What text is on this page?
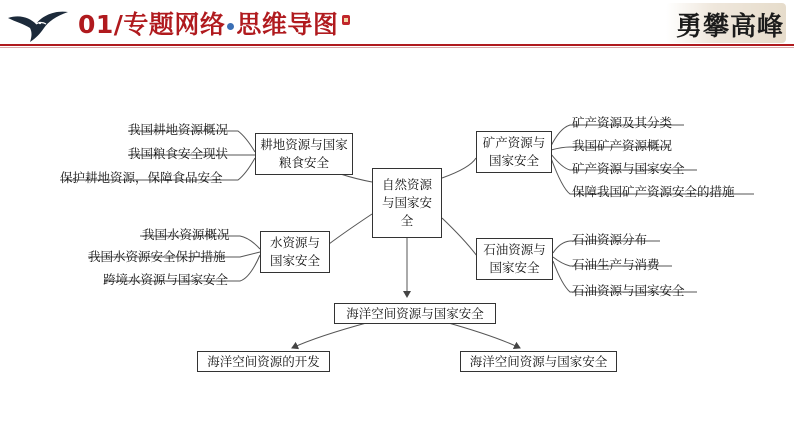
01/专题网络 思维导图	勇攀高峰
自然资源与国家安全
耕地资源与国家粮食安全
我国耕地资源概况
我国粮食安全现状
保护耕地资源，保障食品安全
水资源与国家安全
我国水资源概况
我国水资源安全保护措施
跨境水资源与国家安全
矿产资源与国家安全
矿产资源及其分类
我国矿产资源概况
矿产资源与国家安全
保障我国矿产资源安全的措施
石油资源与国家安全
石油资源分布
石油生产与消费
石油资源与国家安全
海洋空间资源与国家安全
海洋空间资源的开发	海洋空间资源与国家安全
